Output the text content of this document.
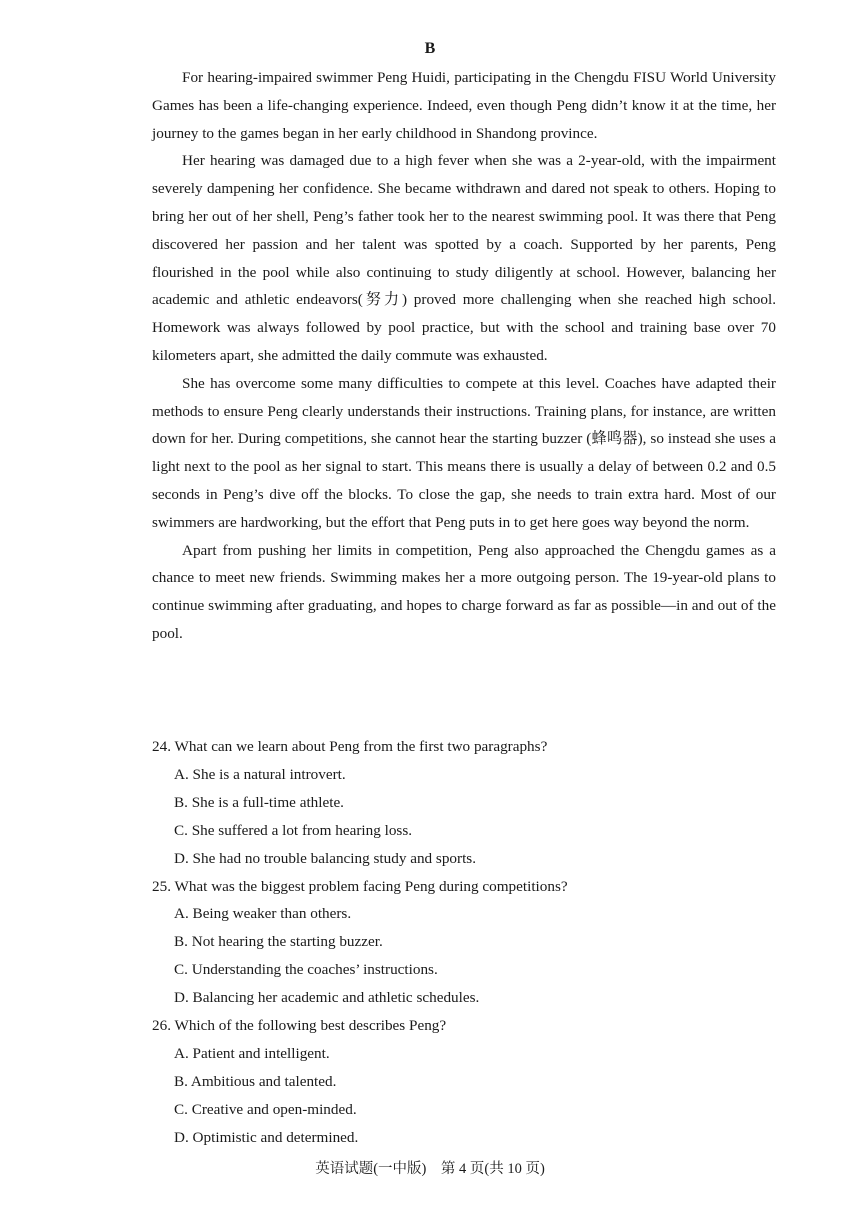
B

For hearing-impaired swimmer Peng Huidi, participating in the Chengdu FISU World University Games has been a life-changing experience. Indeed, even though Peng didn’t know it at the time, her journey to the games began in her early childhood in Shandong province.

Her hearing was damaged due to a high fever when she was a 2-year-old, with the impairment severely dampening her confidence. She became withdrawn and dared not speak to others. Hoping to bring her out of her shell, Peng’s father took her to the nearest swimming pool. It was there that Peng discovered her passion and her talent was spotted by a coach. Supported by her parents, Peng flourished in the pool while also continuing to study diligently at school. However, balancing her academic and athletic endeavors(努力) proved more challenging when she reached high school. Homework was always followed by pool practice, but with the school and training base over 70 kilometers apart, she admitted the daily commute was exhausted.

She has overcome some many difficulties to compete at this level. Coaches have adapted their methods to ensure Peng clearly understands their instructions. Training plans, for instance, are written down for her. During competitions, she cannot hear the starting buzzer (蜂鸣器), so instead she uses a light next to the pool as her signal to start. This means there is usually a delay of between 0.2 and 0.5 seconds in Peng’s dive off the blocks. To close the gap, she needs to train extra hard. Most of our swimmers are hardworking, but the effort that Peng puts in to get here goes way beyond the norm.

Apart from pushing her limits in competition, Peng also approached the Chengdu games as a chance to meet new friends. Swimming makes her a more outgoing person. The 19-year-old plans to continue swimming after graduating, and hopes to charge forward as far as possible—in and out of the pool.

24. What can we learn about Peng from the first two paragraphs?
A. She is a natural introvert.
B. She is a full-time athlete.
C. She suffered a lot from hearing loss.
D. She had no trouble balancing study and sports.
25. What was the biggest problem facing Peng during competitions?
A. Being weaker than others.
B. Not hearing the starting buzzer.
C. Understanding the coaches’ instructions.
D. Balancing her academic and athletic schedules.
26. Which of the following best describes Peng?
A. Patient and intelligent.
B. Ambitious and talented.
C. Creative and open-minded.
D. Optimistic and determined.
英语试题(一中版)　第 4 页(共 10 页)
